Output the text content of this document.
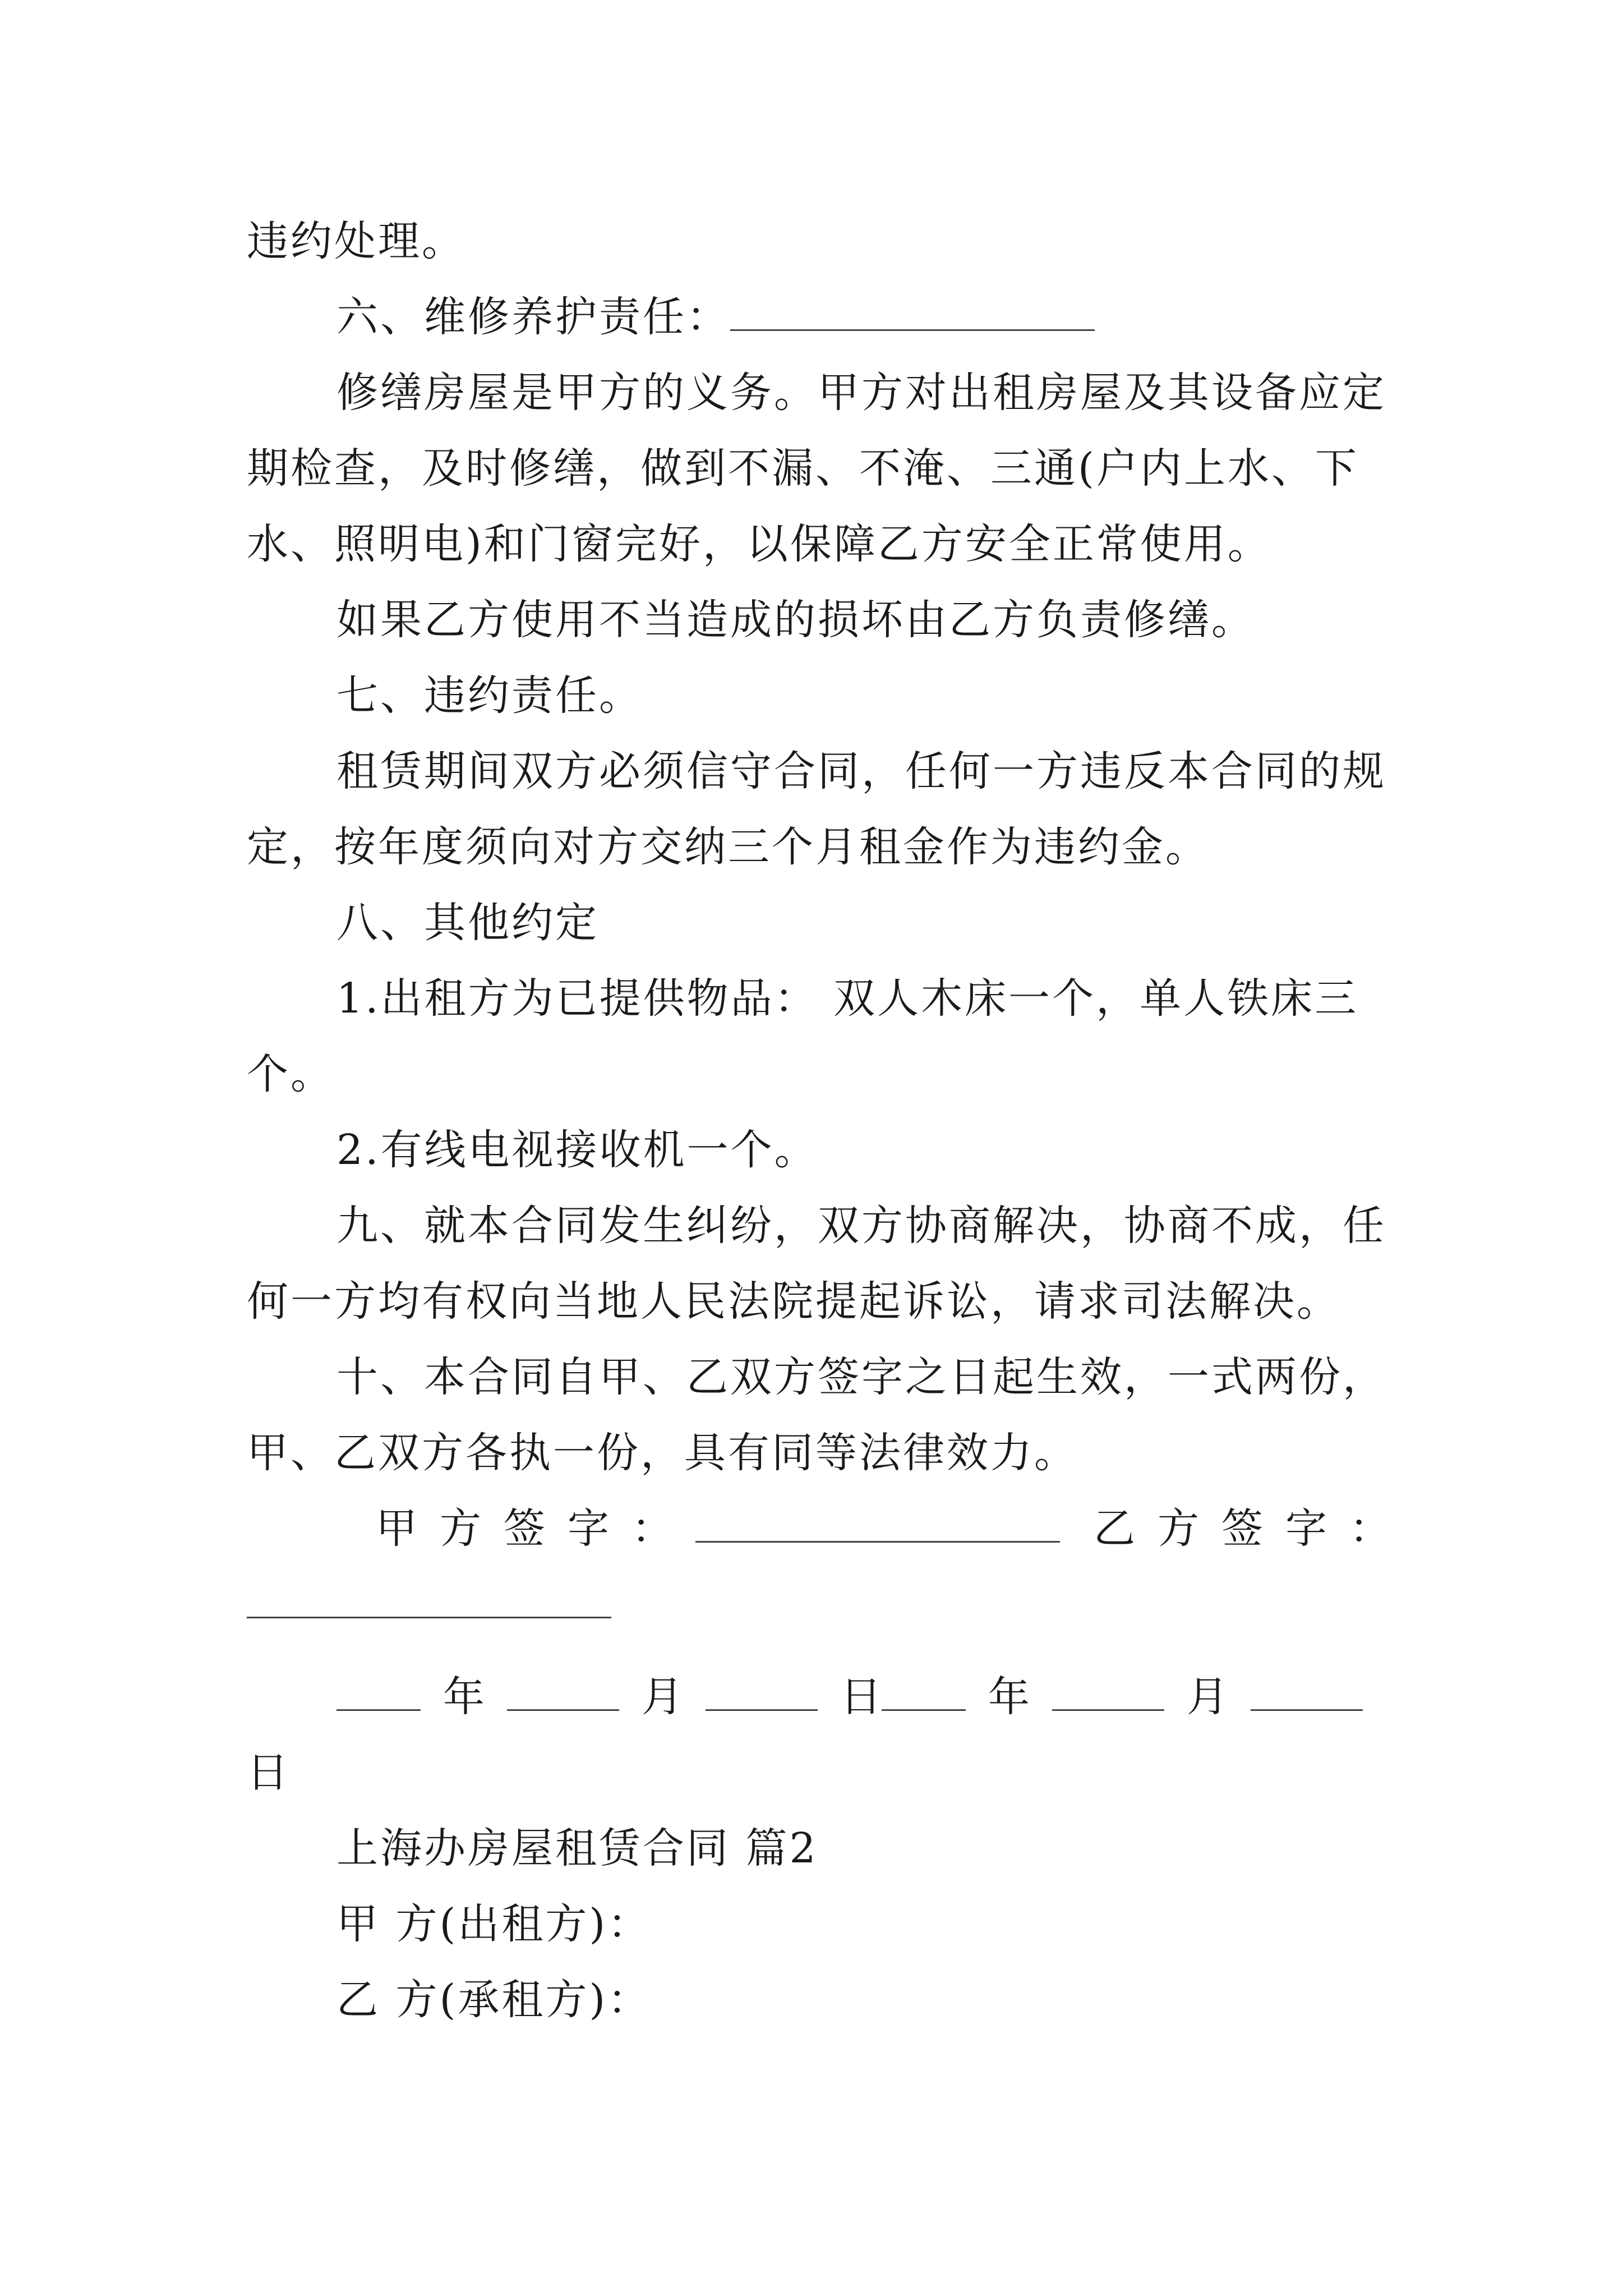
违约处理。
六、维修养护责任：
修缮房屋是甲方的义务。甲方对出租房屋及其设备应定
期检查，及时修缮，做到不漏、不淹、三通(户内上水、下
水、照明电)和门窗完好，以保障乙方安全正常使用。
如果乙方使用不当造成的损坏由乙方负责修缮。
七、违约责任。
租赁期间双方必须信守合同，任何一方违反本合同的规
定，按年度须向对方交纳三个月租金作为违约金。
八、其他约定
1.出租方为已提供物品： 双人木床一个，单人铁床三
个。
2.有线电视接收机一个。
九、就本合同发生纠纷，双方协商解决，协商不成，任
何一方均有权向当地人民法院提起诉讼，请求司法解决。
十、本合同自甲、乙双方签字之日起生效，一式两份，
甲、乙双方各执一份，具有同等法律效力。
甲方签字：	乙方签字：
年	月	日	年	月
日
上海办房屋租赁合同 篇2
甲 方(出租方)：
乙 方(承租方)：
